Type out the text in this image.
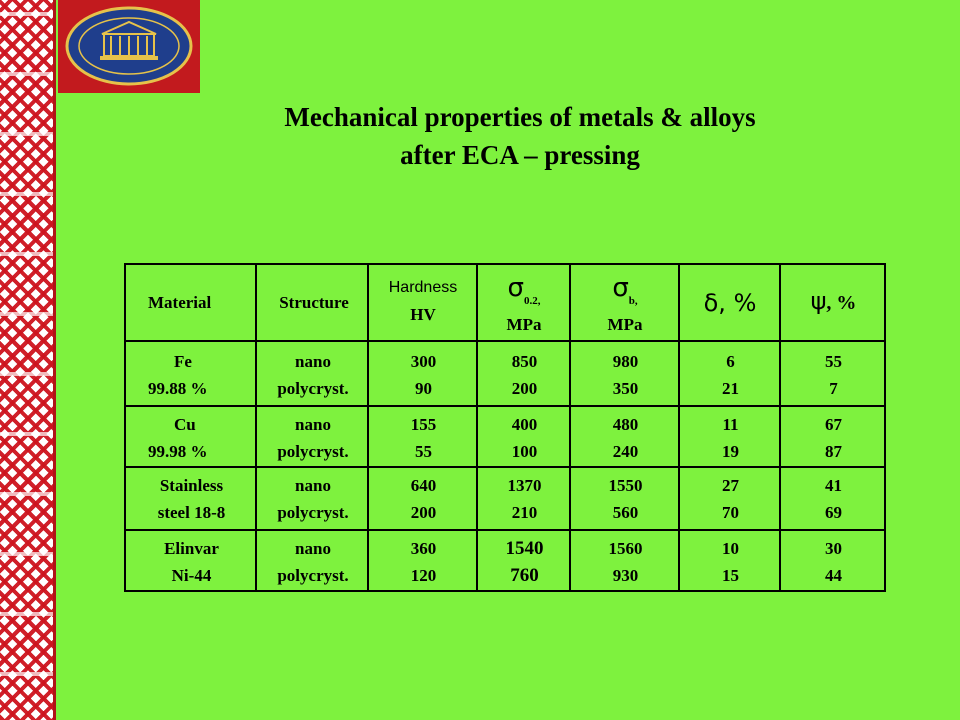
Mechanical properties of metals & alloys
after ECA – pressing
Material	Structure
Hardness
HV
$\sigma_{0.2,}$
MPa
$\sigma_{b,}$
MPa
δ, %	ψ, %
Fe
99.88 %
nano
polycryst.
300
90
850
200
980
350
6
21
55
7
Cu
99.98 %
nano
polycryst.
155
55
400
100
480
240
11
19
67
87
Stainless
steel 18-8
nano
polycryst.
640
200
1370
210
1550
560
27
70
41
69
Elinvar
Ni-44
nano
polycryst.
360
120
1540
760
1560
930
10
15
30
44
